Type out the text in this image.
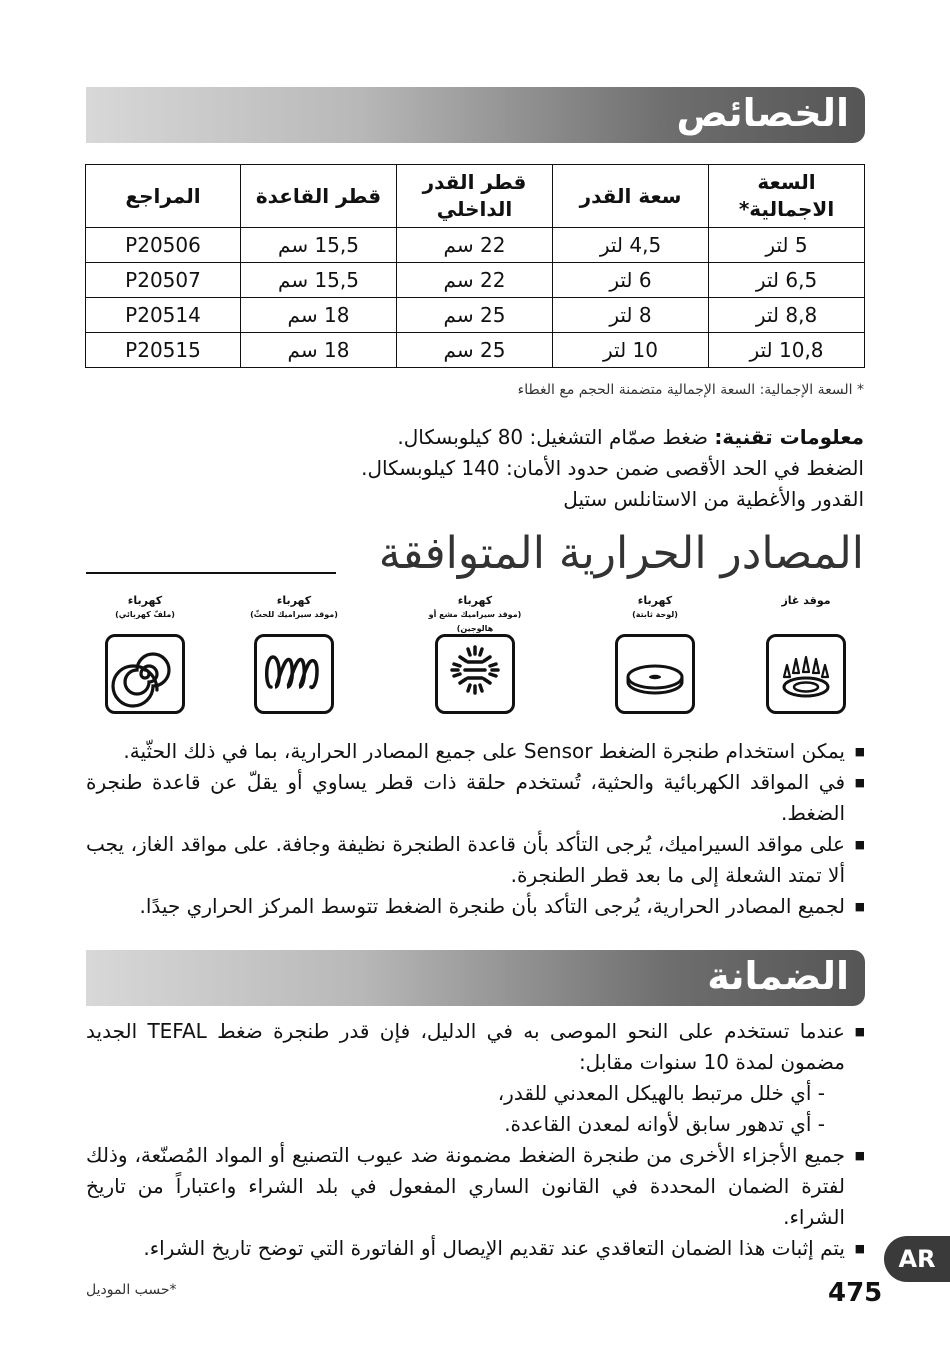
الخصائص
السعة الاجمالية*	سعة القدر	قطر القدر الداخلي	قطر القاعدة	المراجع
5 لتر	4,5 لتر	22 سم	15,5 سم	P20506
6,5 لتر	6 لتر	22 سم	15,5 سم	P20507
8,8 لتر	8 لتر	25 سم	18 سم	P20514
10,8 لتر	10 لتر	25 سم	18 سم	P20515
* السعة الإجمالية: السعة الإجمالية متضمنة الحجم مع الغطاء
معلومات تقنية: ضغط صمّام التشغيل: 80 كيلوبسكال.
الضغط في الحد الأقصى ضمن حدود الأمان: 140 كيلوبسكال.
القدور والأغطية من الاستانلس ستيل
المصادر الحرارية المتوافقة
موقد غاز

كهرباء
(لوحة ثابتة)
كهرباء
(موقد سيراميك مشع أو هالوجين)
كهرباء
(موقد سيراميك للحثّ)
كهرباء
(ملفّ كهربائي)
■ يمكن استخدام طنجرة الضغط Sensor على جميع المصادر الحرارية، بما في ذلك الحثّية.
■ في المواقد الكهربائية والحثية، تُستخدم حلقة ذات قطر يساوي أو يقلّ عن قاعدة طنجرة الضغط.
■ على مواقد السيراميك، يُرجى التأكد بأن قاعدة الطنجرة نظيفة وجافة. على مواقد الغاز، يجب ألا تمتد الشعلة إلى ما بعد قطر الطنجرة.
■ لجميع المصادر الحرارية، يُرجى التأكد بأن طنجرة الضغط تتوسط المركز الحراري جيدًا.
الضمانة
■ عندما تستخدم على النحو الموصى به في الدليل، فإن قدر طنجرة ضغط TEFAL الجديد مضمون لمدة 10 سنوات مقابل:
- أي خلل مرتبط بالهيكل المعدني للقدر،
- أي تدهور سابق لأوانه لمعدن القاعدة.
■ جميع الأجزاء الأخرى من طنجرة الضغط مضمونة ضد عيوب التصنيع أو المواد المُصنّعة، وذلك لفترة الضمان المحددة في القانون الساري المفعول في بلد الشراء واعتباراً من تاريخ الشراء.
■ يتم إثبات هذا الضمان التعاقدي عند تقديم الإيصال أو الفاتورة التي توضح تاريخ الشراء.	AR
475
*حسب الموديل
